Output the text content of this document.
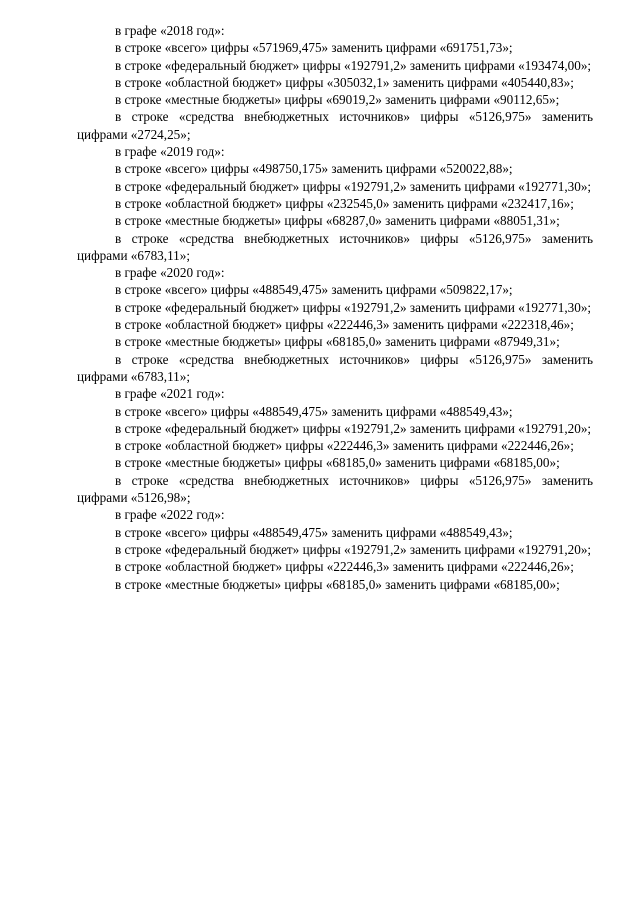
в графе «2018 год»:

в строке «всего» цифры «571969,475» заменить цифрами «691751,73»;

в строке «федеральный бюджет» цифры «192791,2» заменить цифрами «193474,00»;

в строке «областной бюджет» цифры «305032,1» заменить цифрами «405440,83»;

в строке «местные бюджеты» цифры «69019,2» заменить цифрами «90112,65»;

в строке «средства внебюджетных источников» цифры «5126,975» заменить цифрами «2724,25»;

в графе «2019 год»:

в строке «всего» цифры «498750,175» заменить цифрами «520022,88»;

в строке «федеральный бюджет» цифры «192791,2» заменить цифрами «192771,30»;

в строке «областной бюджет» цифры «232545,0» заменить цифрами «232417,16»;

в строке «местные бюджеты» цифры «68287,0» заменить цифрами «88051,31»;

в строке «средства внебюджетных источников» цифры «5126,975» заменить цифрами «6783,11»;

в графе «2020 год»:

в строке «всего» цифры «488549,475» заменить цифрами «509822,17»;

в строке «федеральный бюджет» цифры «192791,2» заменить цифрами «192771,30»;

в строке «областной бюджет» цифры «222446,3» заменить цифрами «222318,46»;

в строке «местные бюджеты» цифры «68185,0» заменить цифрами «87949,31»;

в строке «средства внебюджетных источников» цифры «5126,975» заменить цифрами «6783,11»;

в графе «2021 год»:

в строке «всего» цифры «488549,475» заменить цифрами «488549,43»;

в строке «федеральный бюджет» цифры «192791,2» заменить цифрами «192791,20»;

в строке «областной бюджет» цифры «222446,3» заменить цифрами «222446,26»;

в строке «местные бюджеты» цифры «68185,0» заменить цифрами «68185,00»;

в строке «средства внебюджетных источников» цифры «5126,975» заменить цифрами «5126,98»;

в графе «2022 год»:

в строке «всего» цифры «488549,475» заменить цифрами «488549,43»;

в строке «федеральный бюджет» цифры «192791,2» заменить цифрами «192791,20»;

в строке «областной бюджет» цифры «222446,3» заменить цифрами «222446,26»;

в строке «местные бюджеты» цифры «68185,0» заменить цифрами «68185,00»;
